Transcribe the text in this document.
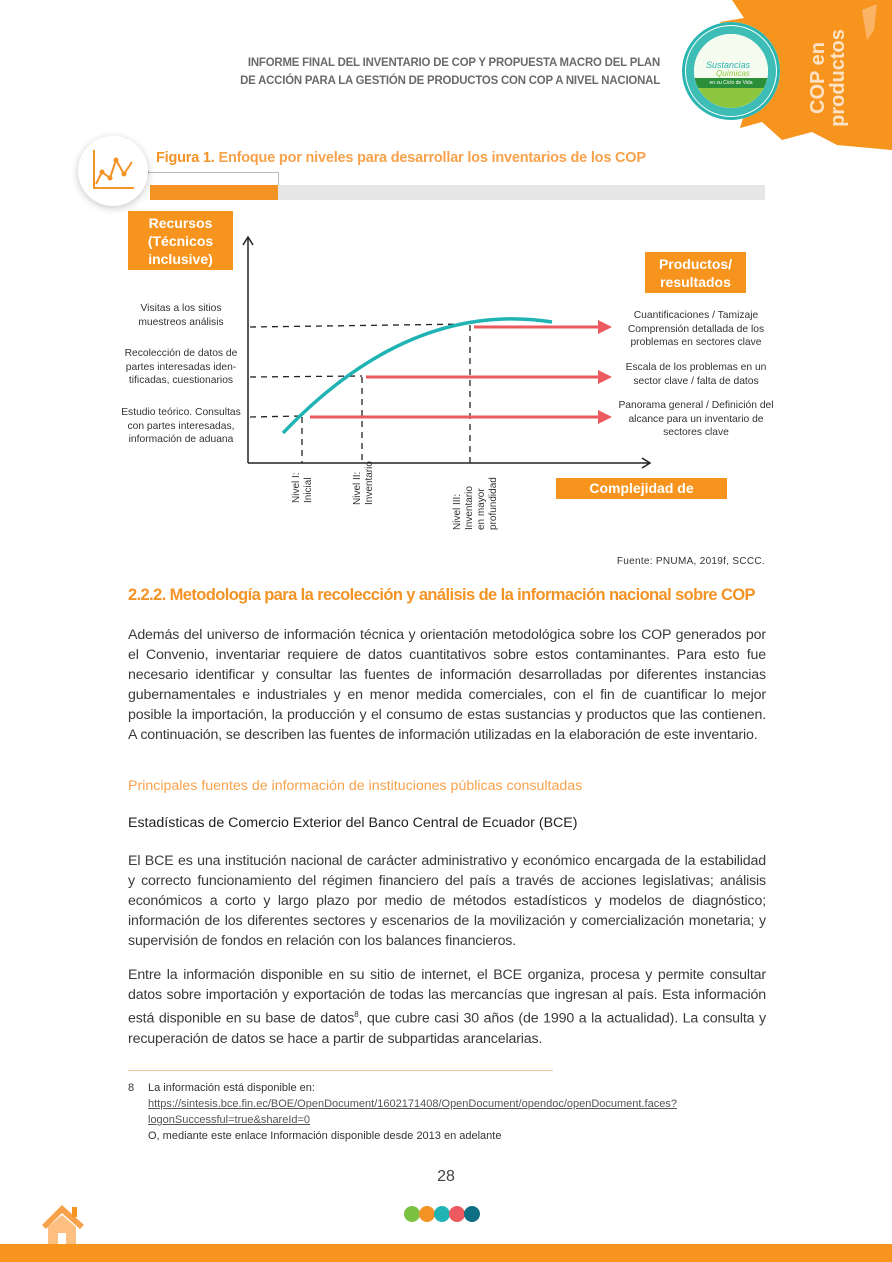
INFORME FINAL DEL INVENTARIO DE COP Y PROPUESTA MACRO DEL PLAN
DE ACCIÓN PARA LA GESTIÓN DE PRODUCTOS CON COP A NIVEL NACIONAL
Sustancias
Químicas
en su Ciclo de Vida	COP en productos
Figura 1. Enfoque por niveles para desarrollar los inventarios de los COP
Recursos (Técnicos inclusive)	Productos/ resultados
Complejidad de inventario
Visitas a los sitios muestreos análisis
Recolección de datos de partes interesadas iden-tificadas, cuestionarios
Estudio teórico. Consultas con partes interesadas, información de aduana
Cuantificaciones / Tamizaje Comprensión detallada de los problemas en sectores clave
Escala de los problemas en un sector clave / falta de datos
Panorama general / Definición del alcance para un inventario de sectores clave
Nivel I: Inicial	Nivel II: Inventario
Nivel III: Inventario en mayor profundidad
Fuente: PNUMA, 2019f, SCCC.
2.2.2. Metodología para la recolección y análisis de la información nacional sobre COP
Además del universo de información técnica y orientación metodológica sobre los COP generados por el Convenio, inventariar requiere de datos cuantitativos sobre estos contaminantes. Para esto fue necesario identificar y consultar las fuentes de información desarrolladas por diferentes instancias gubernamentales e industriales y en menor medida comerciales, con el fin de cuantificar lo mejor posible la importación, la producción y el consumo de estas sustancias y productos que las contienen. A continuación, se describen las fuentes de información utilizadas en la elaboración de este inventario.
Principales fuentes de información de instituciones públicas consultadas
Estadísticas de Comercio Exterior del Banco Central de Ecuador (BCE)
El BCE es una institución nacional de carácter administrativo y económico encargada de la estabilidad y correcto funcionamiento del régimen financiero del país a través de acciones legislativas; análisis económicos a corto y largo plazo por medio de métodos estadísticos y modelos de diagnóstico; información de los diferentes sectores y escenarios de la movilización y comercialización monetaria; y supervisión de fondos en relación con los balances financieros.
Entre la información disponible en su sitio de internet, el BCE organiza, procesa y permite consultar datos sobre importación y exportación de todas las mercancías que ingresan al país. Esta información está disponible en su base de datos$^8$, que cubre casi 30 años (de 1990 a la actualidad). La consulta y recuperación de datos se hace a partir de subpartidas arancelarias.
8 La información está disponible en: https://sintesis.bce.fin.ec/BOE/OpenDocument/1602171408/OpenDocument/opendoc/openDocument.faces?logonSuccessful=true&shareId=0
O, mediante este enlace Información disponible desde 2013 en adelante
28
